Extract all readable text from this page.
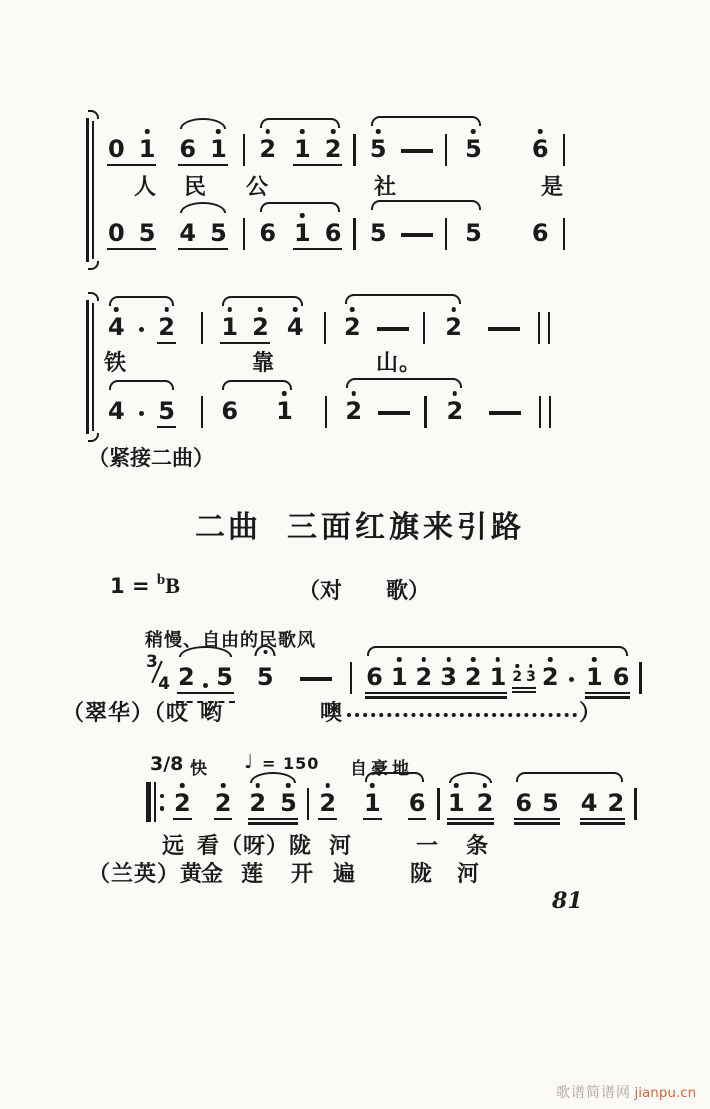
0 1 6 1 2 1 2 5	5 6
人 民 公	社	是
0 5 4 5 6 1 6 5	5 6
4 2 1 2 4 2	2
铁	靠	山。
4 5 6 1 2	2
（紧接二曲）
二曲 三面红旗来引路
1 = $^b$B	（对　　歌）
稍慢、自由的民歌风
3
4 2 5 5	6 1 2 3 2 1 2 3 2 1 6
（翠华）（哎 哟	噢	）
3/8 快 ♩ = 150 自豪地
2 2 2 5 2 1 6 1 2 6 5 4 2
远 看（呀） 陇 河	一 条
（兰英）黄
金 莲 开 遍 陇 河
81
歌谱简谱网 jianpu.cn
